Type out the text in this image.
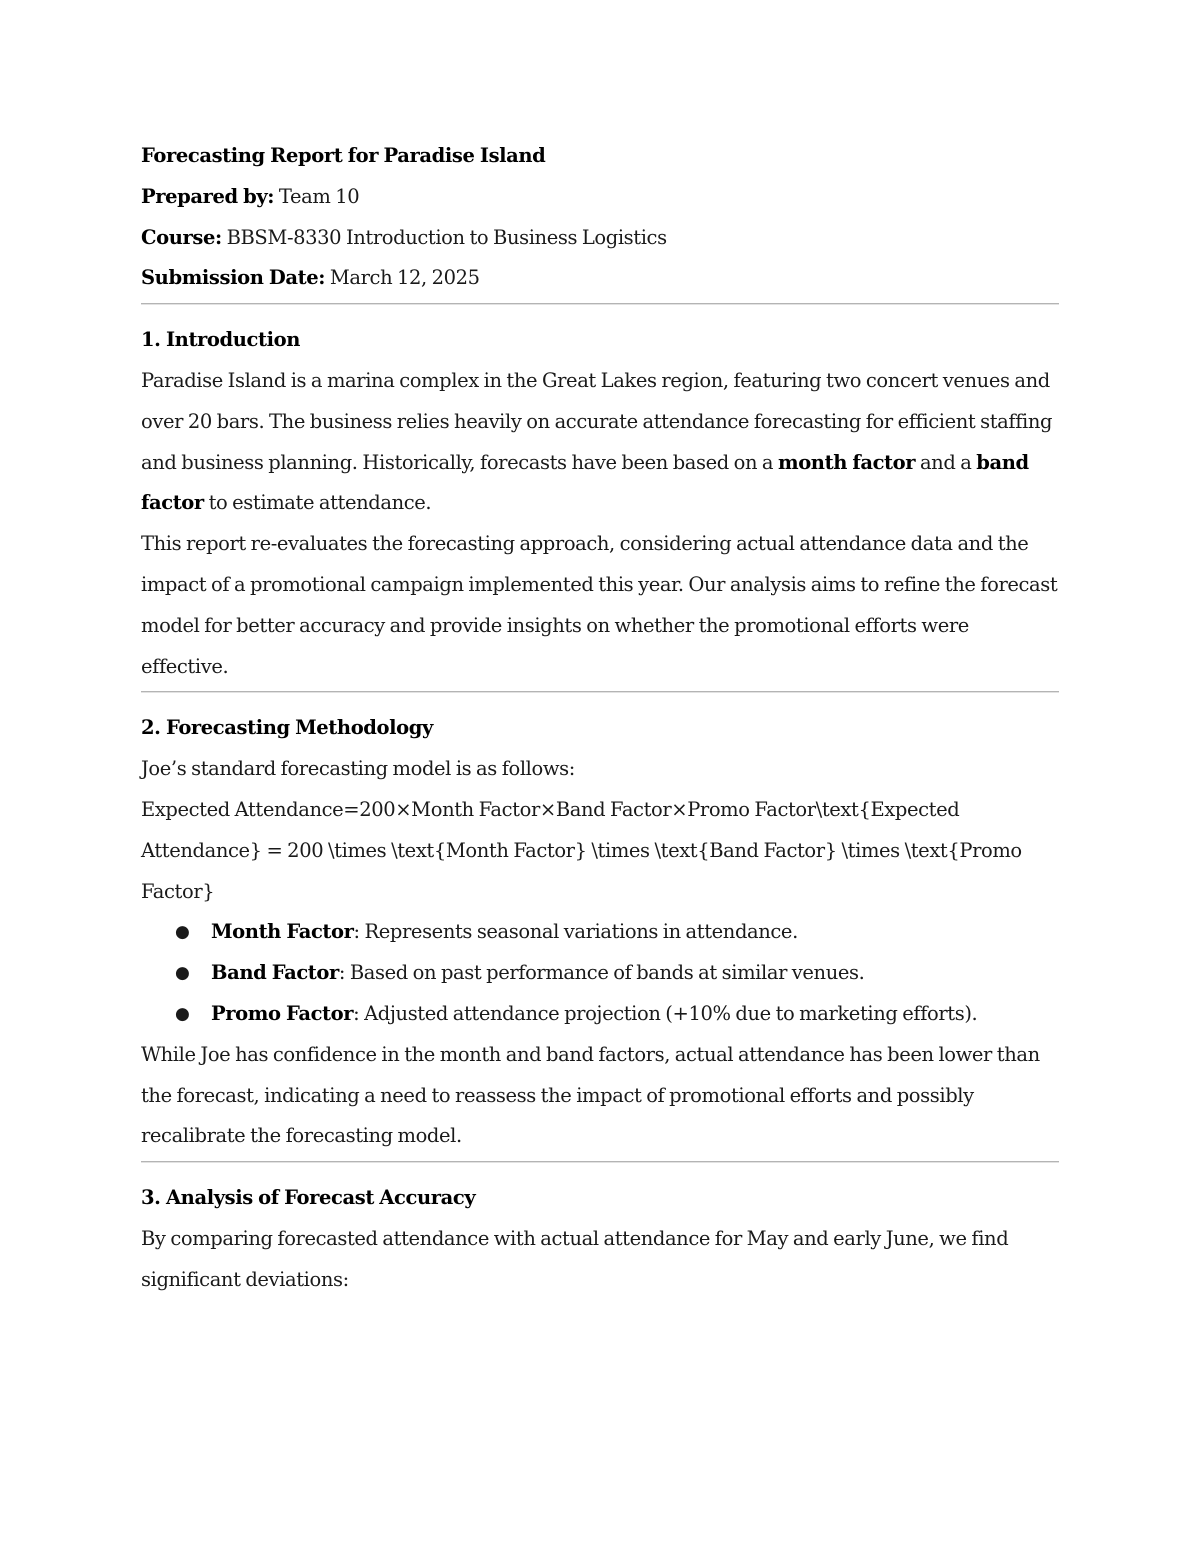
Forecasting Report for Paradise Island

Prepared by: Team 10

Course: BBSM-8330 Introduction to Business Logistics

Submission Date: March 12, 2025

1. Introduction

Paradise Island is a marina complex in the Great Lakes region, featuring two concert venues and over 20 bars. The business relies heavily on accurate attendance forecasting for efficient staffing and business planning. Historically, forecasts have been based on a month factor and a band factor to estimate attendance.

This report re-evaluates the forecasting approach, considering actual attendance data and the impact of a promotional campaign implemented this year. Our analysis aims to refine the forecast model for better accuracy and provide insights on whether the promotional efforts were effective.

2. Forecasting Methodology

Joe’s standard forecasting model is as follows:

Expected Attendance=200×Month Factor×Band Factor×Promo Factor\text{Expected Attendance} = 200 \times \text{Month Factor} \times \text{Band Factor} \times \text{Promo Factor}

● Month Factor: Represents seasonal variations in attendance.
● Band Factor: Based on past performance of bands at similar venues.
● Promo Factor: Adjusted attendance projection (+10% due to marketing efforts).

While Joe has confidence in the month and band factors, actual attendance has been lower than the forecast, indicating a need to reassess the impact of promotional efforts and possibly recalibrate the forecasting model.

3. Analysis of Forecast Accuracy

By comparing forecasted attendance with actual attendance for May and early June, we find significant deviations:
